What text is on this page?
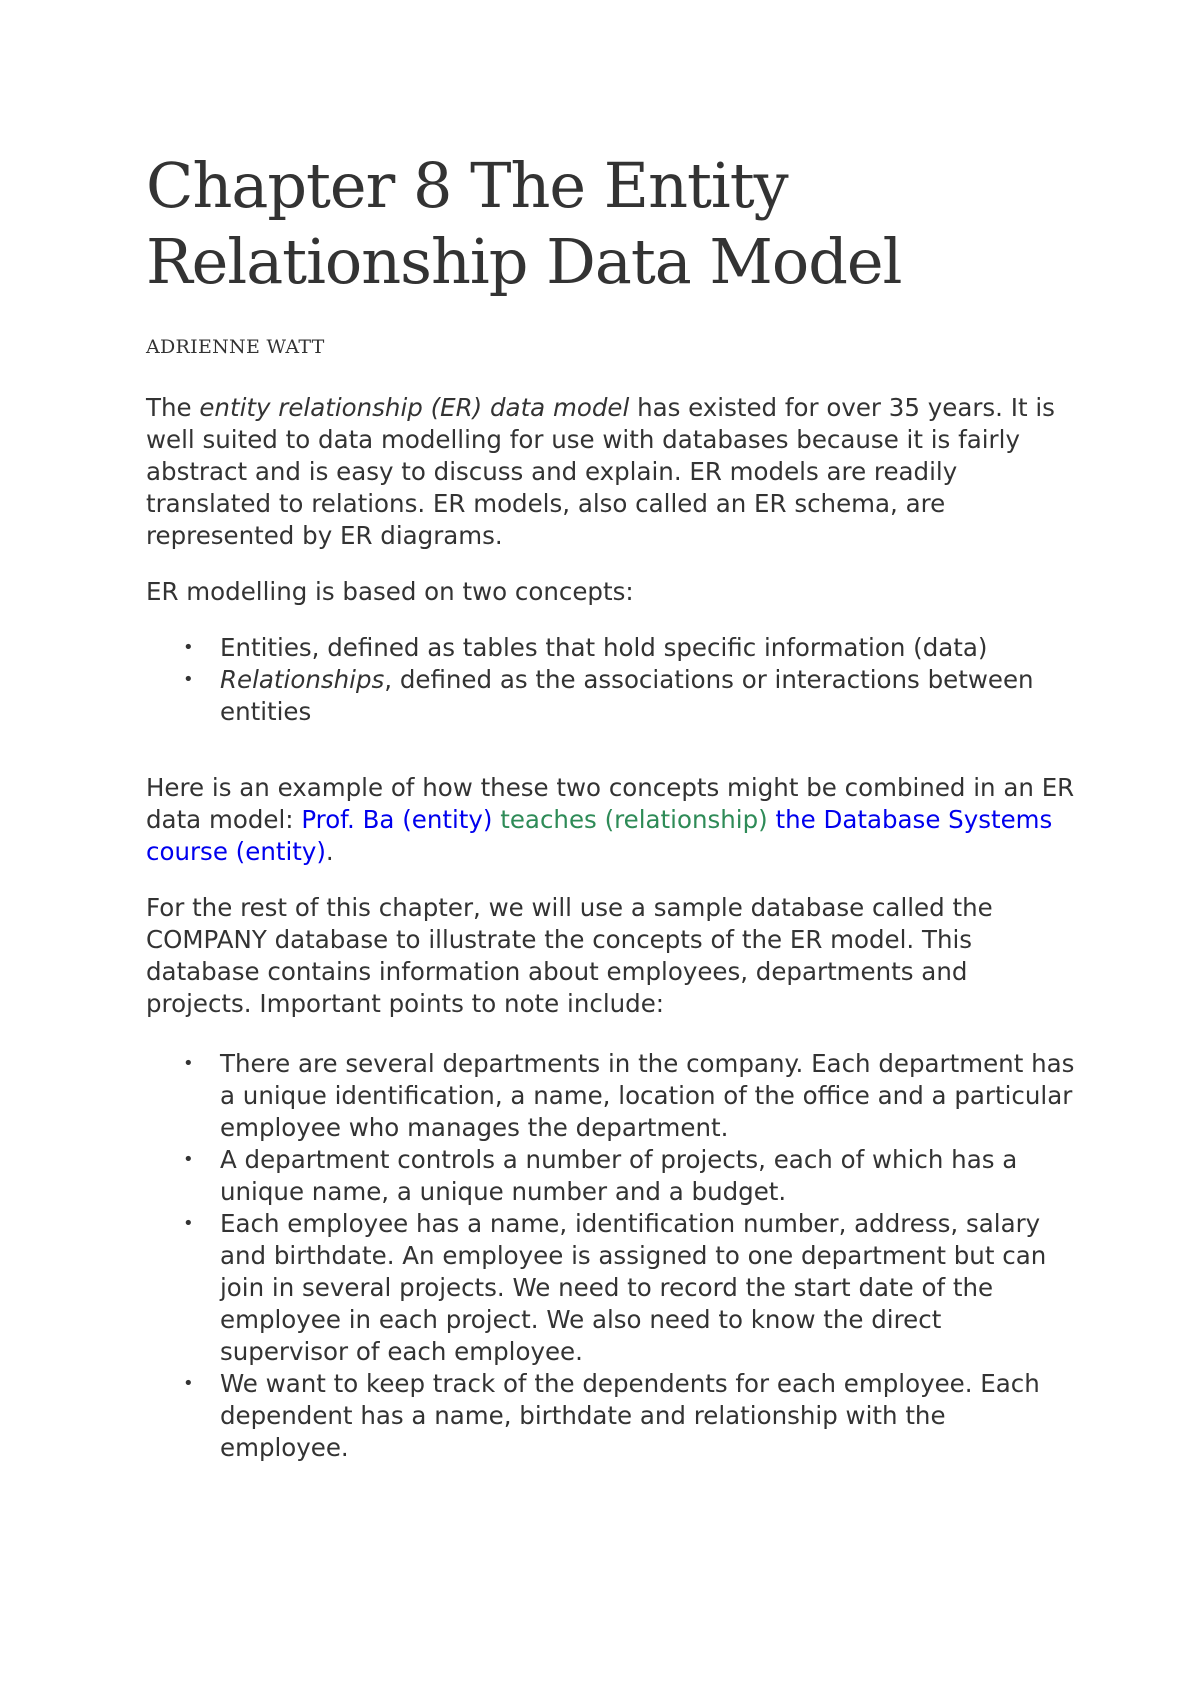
Chapter 8 The Entity Relationship Data Model
ADRIENNE WATT

The entity relationship (ER) data model has existed for over 35 years. It is well suited to data modelling for use with databases because it is fairly abstract and is easy to discuss and explain. ER models are readily translated to relations. ER models, also called an ER schema, are represented by ER diagrams.

ER modelling is based on two concepts:

• Entities, defined as tables that hold specific information (data)
• Relationships, defined as the associations or interactions between entities

Here is an example of how these two concepts might be combined in an ER data model: Prof. Ba (entity) teaches (relationship) the Database Systems course (entity).

For the rest of this chapter, we will use a sample database called the COMPANY database to illustrate the concepts of the ER model. This database contains information about employees, departments and projects. Important points to note include:

• There are several departments in the company. Each department has a unique identification, a name, location of the office and a particular employee who manages the department.
• A department controls a number of projects, each of which has a unique name, a unique number and a budget.
• Each employee has a name, identification number, address, salary and birthdate. An employee is assigned to one department but can join in several projects. We need to record the start date of the employee in each project. We also need to know the direct supervisor of each employee.
• We want to keep track of the dependents for each employee. Each dependent has a name, birthdate and relationship with the employee.
